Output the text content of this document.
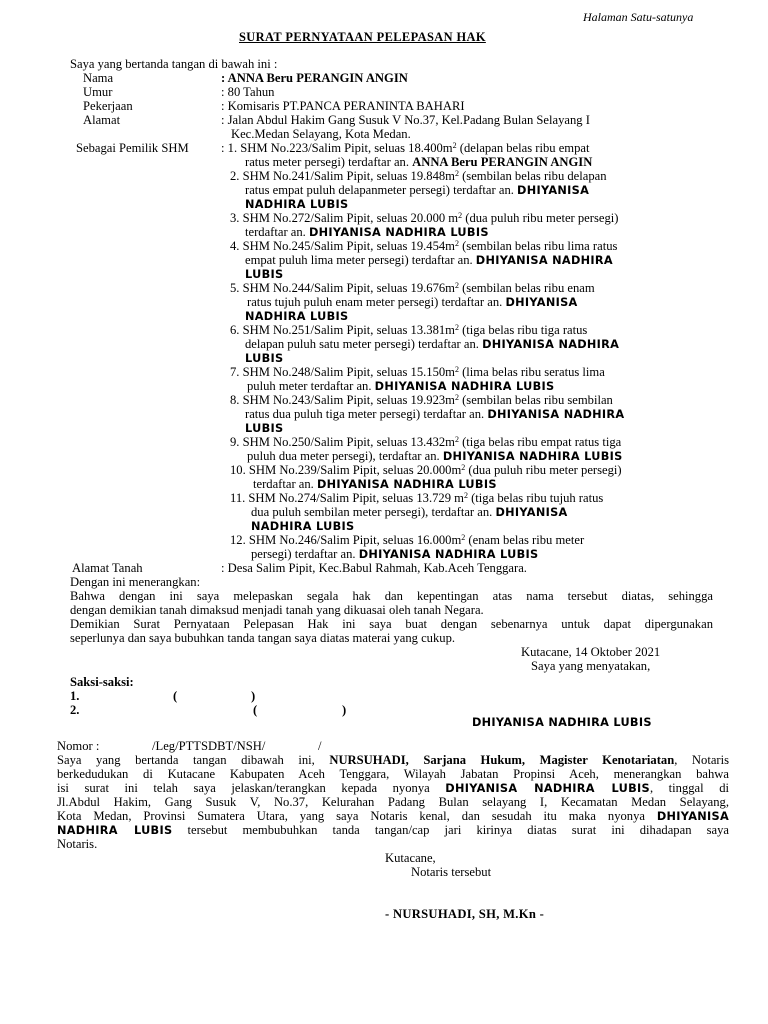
Halaman Satu-satunya
SURAT PERNYATAAN PELEPASAN HAK
Saya yang bertanda tangan di bawah ini :
Nama	: ANNA Beru PERANGIN ANGIN
Umur	: 80 Tahun
Pekerjaan	: Komisaris PT.PANCA PERANINTA BAHARI
Alamat	: Jalan Abdul Hakim Gang Susuk V No.37, Kel.Padang Bulan Selayang I
Kec.Medan Selayang, Kota Medan.
Sebagai Pemilik SHM	: 1. SHM No.223/Salim Pipit, seluas $18.400m^2$ (delapan belas ribu empat
ratus meter persegi) terdaftar an. ANNA Beru PERANGIN ANGIN
2. SHM No.241/Salim Pipit, seluas $19.848m^2$ (sembilan belas ribu delapan
ratus empat puluh delapanmeter persegi) terdaftar an. DHIYANISA
NADHIRA LUBIS
3. SHM No.272/Salim Pipit, seluas 20.000 $m^2$ (dua puluh ribu meter persegi)
terdaftar an. DHIYANISA NADHIRA LUBIS
4. SHM No.245/Salim Pipit, seluas $19.454m^2$ (sembilan belas ribu lima ratus
empat puluh lima meter persegi) terdaftar an. DHIYANISA NADHIRA
LUBIS
5. SHM No.244/Salim Pipit, seluas $19.676m^2$ (sembilan belas ribu enam
ratus tujuh puluh enam meter persegi) terdaftar an. DHIYANISA
NADHIRA LUBIS
6. SHM No.251/Salim Pipit, seluas $13.381m^2$ (tiga belas ribu tiga ratus
delapan puluh satu meter persegi) terdaftar an. DHIYANISA NADHIRA
LUBIS
7. SHM No.248/Salim Pipit, seluas $15.150m^2$ (lima belas ribu seratus lima
puluh meter terdaftar an. DHIYANISA NADHIRA LUBIS
8. SHM No.243/Salim Pipit, seluas $19.923m^2$ (sembilan belas ribu sembilan
ratus dua puluh tiga meter persegi) terdaftar an. DHIYANISA NADHIRA
LUBIS
9. SHM No.250/Salim Pipit, seluas $13.432m^2$ (tiga belas ribu empat ratus tiga
puluh dua meter persegi), terdaftar an. DHIYANISA NADHIRA LUBIS
10. SHM No.239/Salim Pipit, seluas $20.000m^2$ (dua puluh ribu meter persegi)
terdaftar an. DHIYANISA NADHIRA LUBIS
11. SHM No.274/Salim Pipit, seluas 13.729 $m^2$ (tiga belas ribu tujuh ratus
dua puluh sembilan meter persegi), terdaftar an. DHIYANISA
NADHIRA LUBIS
12. SHM No.246/Salim Pipit, seluas $16.000m^2$ (enam belas ribu meter
persegi) terdaftar an. DHIYANISA NADHIRA LUBIS
Alamat Tanah	: Desa Salim Pipit, Kec.Babul Rahmah, Kab.Aceh Tenggara.
Dengan ini menerangkan:
Bahwa dengan ini saya melepaskan segala hak dan kepentingan atas nama tersebut diatas, sehingga
dengan demikian tanah dimaksud menjadi tanah yang dikuasai oleh tanah Negara.
Demikian Surat Pernyataan Pelepasan Hak ini saya buat dengan sebenarnya untuk dapat dipergunakan
seperlunya dan saya bubuhkan tanda tangan saya diatas materai yang cukup.
Kutacane, 14 Oktober 2021
Saya yang menyatakan,
Saksi-saksi:
1.	(	)
2.	(	)
DHIYANISA NADHIRA LUBIS
Nomor :	/Leg/PTTSDBT/NSH/	/
Saya yang bertanda tangan dibawah ini, NURSUHADI, Sarjana Hukum, Magister Kenotariatan, Notaris
berkedudukan di Kutacane Kabupaten Aceh Tenggara, Wilayah Jabatan Propinsi Aceh, menerangkan bahwa
isi surat ini telah saya jelaskan/terangkan kepada nyonya DHIYANISA NADHIRA LUBIS, tinggal di
Jl.Abdul Hakim, Gang Susuk V, No.37, Kelurahan Padang Bulan selayang I, Kecamatan Medan Selayang,
Kota Medan, Provinsi Sumatera Utara, yang saya Notaris kenal, dan sesudah itu maka nyonya DHIYANISA
NADHIRA LUBIS tersebut membubuhkan tanda tangan/cap jari kirinya diatas surat ini dihadapan saya
Notaris.
Kutacane,
Notaris tersebut
- NURSUHADI, SH, M.Kn -
